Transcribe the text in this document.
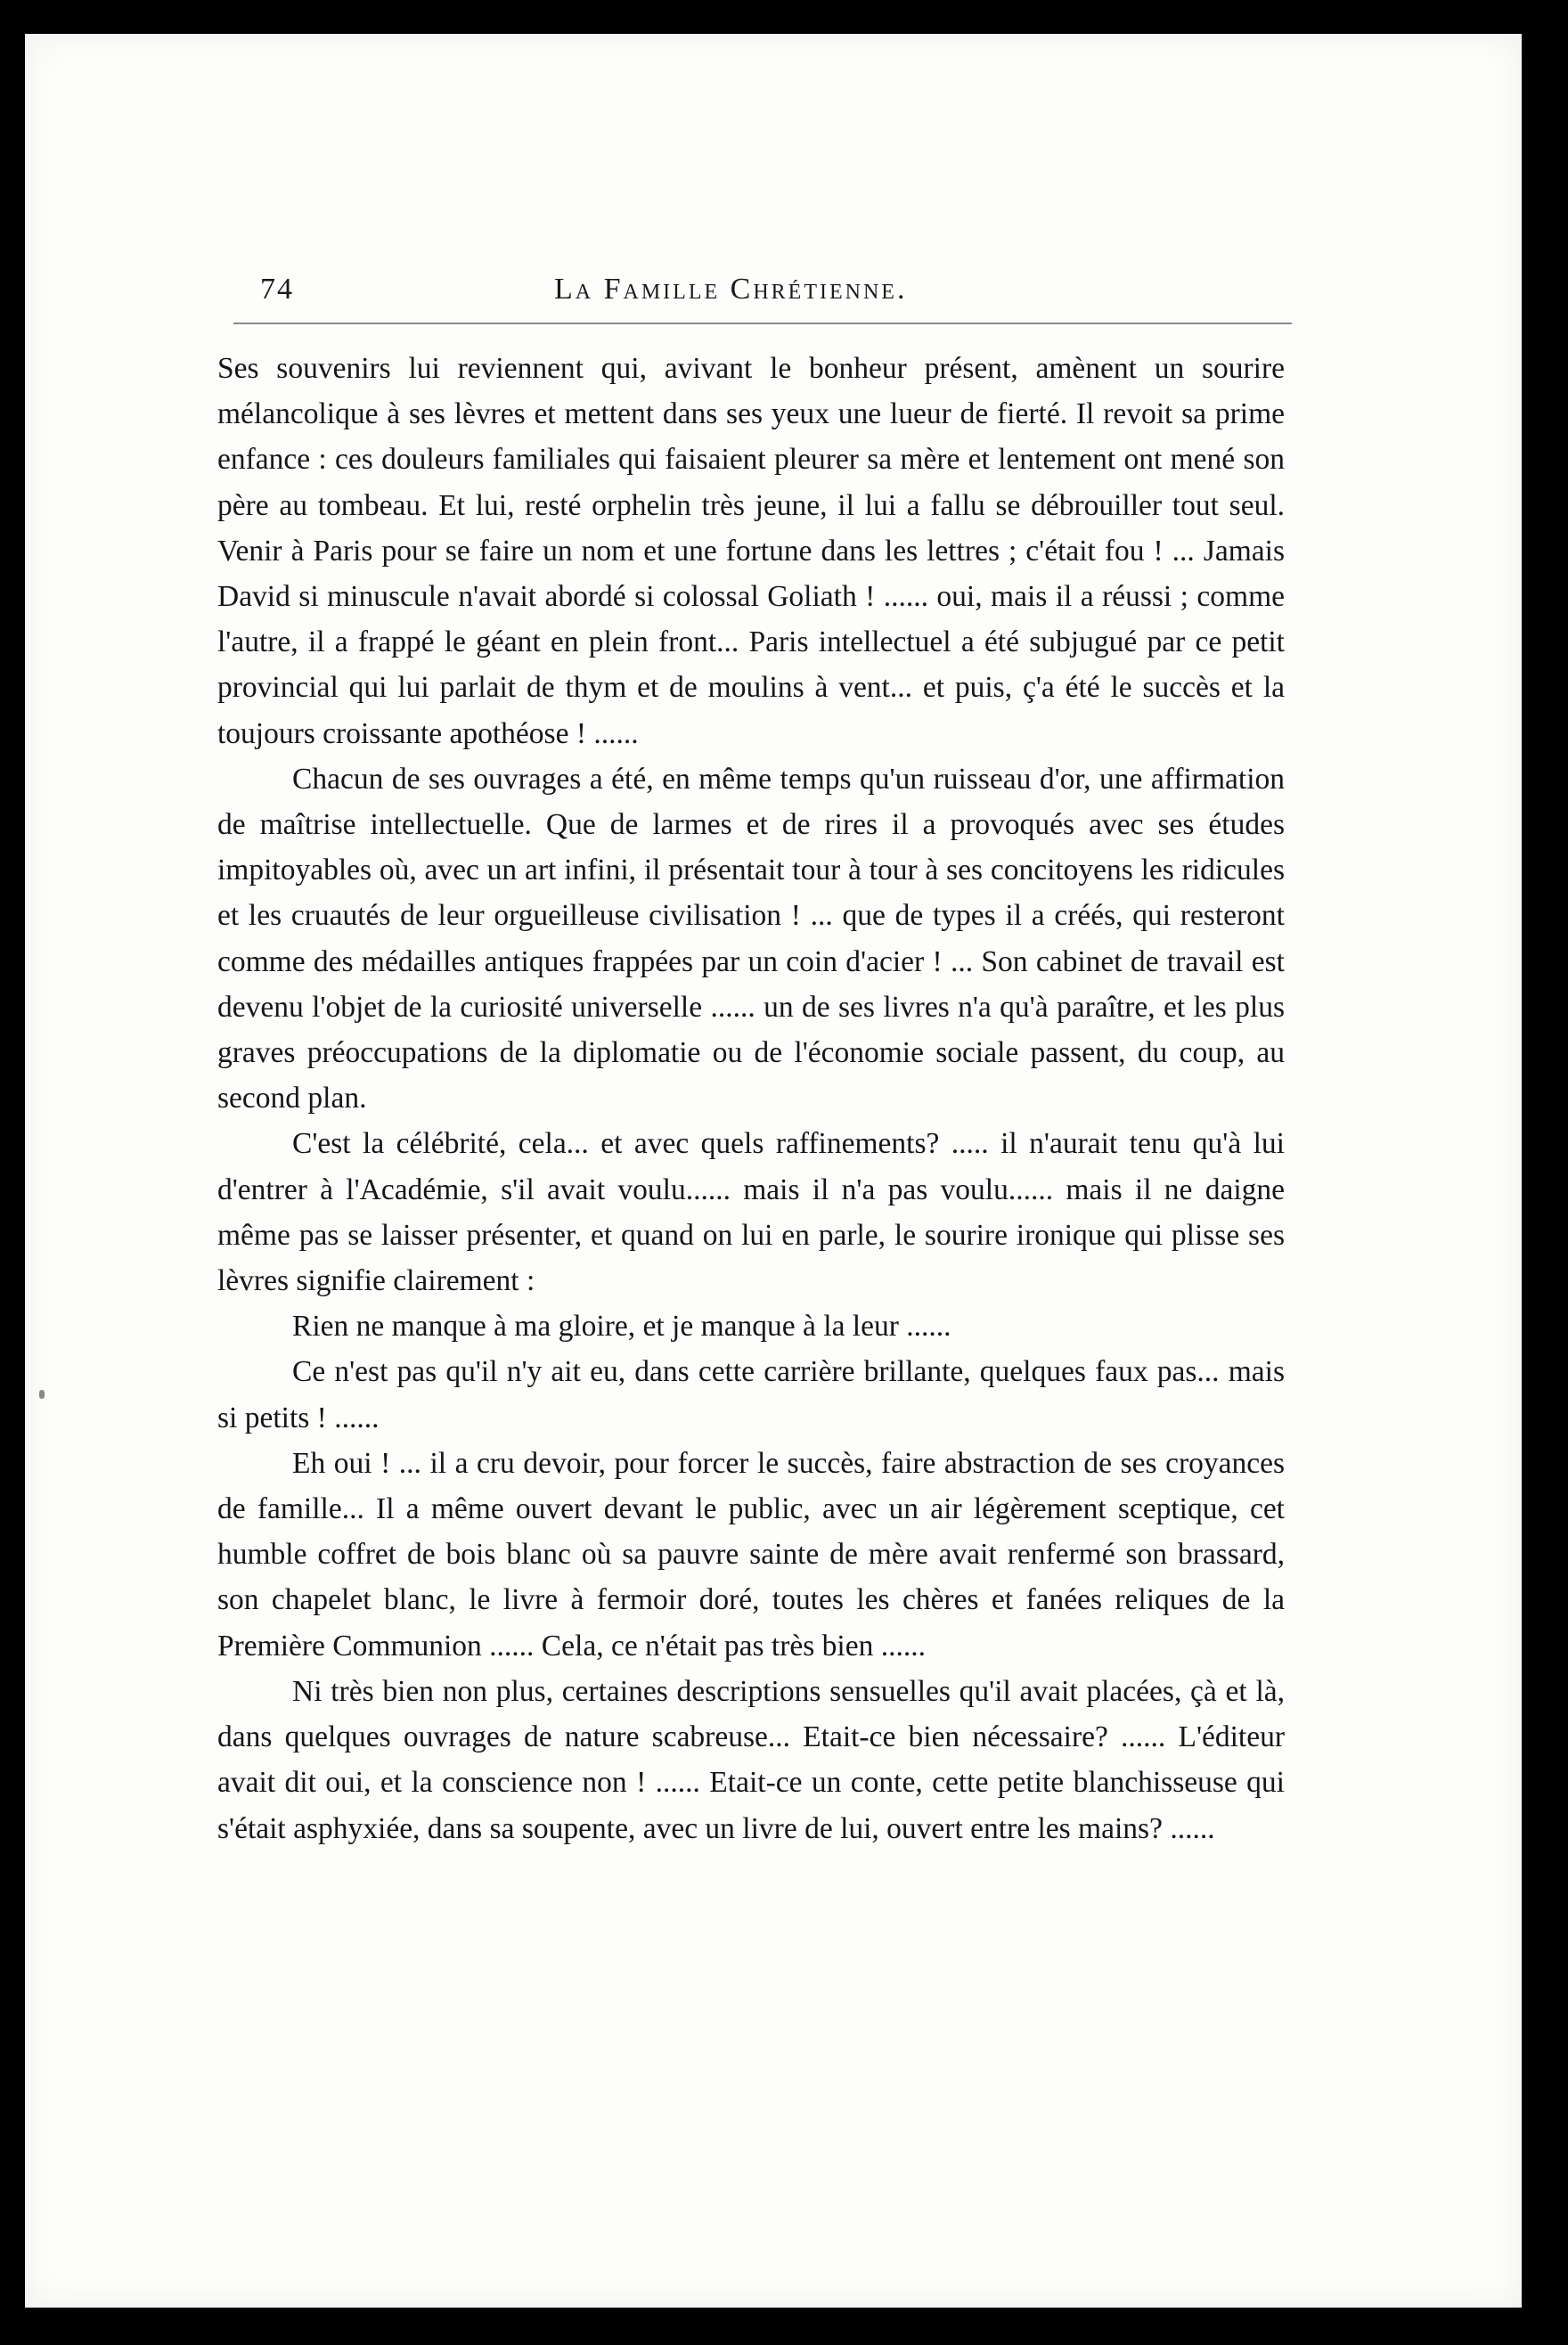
74	La Famille Chrétienne.

Ses souvenirs lui reviennent qui, avivant le bonheur présent, amènent un sourire mélancolique à ses lèvres et mettent dans ses yeux une lueur de fierté. Il revoit sa prime enfance : ces douleurs familiales qui faisaient pleurer sa mère et lentement ont mené son père au tombeau. Et lui, resté orphelin très jeune, il lui a fallu se débrouiller tout seul. Venir à Paris pour se faire un nom et une fortune dans les lettres ; c'était fou ! ... Jamais David si minuscule n'avait abordé si colossal Goliath ! ...... oui, mais il a réussi ; comme l'autre, il a frappé le géant en plein front... Paris intellectuel a été subjugué par ce petit provincial qui lui parlait de thym et de moulins à vent... et puis, ç'a été le succès et la toujours croissante apothéose ! ......

Chacun de ses ouvrages a été, en même temps qu'un ruisseau d'or, une affirmation de maîtrise intellectuelle. Que de larmes et de rires il a provoqués avec ses études impitoyables où, avec un art infini, il présentait tour à tour à ses concitoyens les ridicules et les cruautés de leur orgueilleuse civilisation ! ... que de types il a créés, qui resteront comme des médailles antiques frappées par un coin d'acier ! ... Son cabinet de travail est devenu l'objet de la curiosité universelle ...... un de ses livres n'a qu'à paraître, et les plus graves préoccupations de la diplomatie ou de l'économie sociale passent, du coup, au second plan.

C'est la célébrité, cela... et avec quels raffinements? ..... il n'aurait tenu qu'à lui d'entrer à l'Académie, s'il avait voulu...... mais il n'a pas voulu...... mais il ne daigne même pas se laisser présenter, et quand on lui en parle, le sourire ironique qui plisse ses lèvres signifie clairement :

Rien ne manque à ma gloire, et je manque à la leur ......

Ce n'est pas qu'il n'y ait eu, dans cette carrière brillante, quelques faux pas... mais si petits ! ......

Eh oui ! ... il a cru devoir, pour forcer le succès, faire abstraction de ses croyances de famille... Il a même ouvert devant le public, avec un air légèrement sceptique, cet humble coffret de bois blanc où sa pauvre sainte de mère avait renfermé son brassard, son chapelet blanc, le livre à fermoir doré, toutes les chères et fanées reliques de la Première Communion ...... Cela, ce n'était pas très bien ......

Ni très bien non plus, certaines descriptions sensuelles qu'il avait placées, çà et là, dans quelques ouvrages de nature scabreuse... Etait-ce bien nécessaire? ...... L'éditeur avait dit oui, et la conscience non ! ...... Etait-ce un conte, cette petite blanchisseuse qui s'était asphyxiée, dans sa soupente, avec un livre de lui, ouvert entre les mains? ......
